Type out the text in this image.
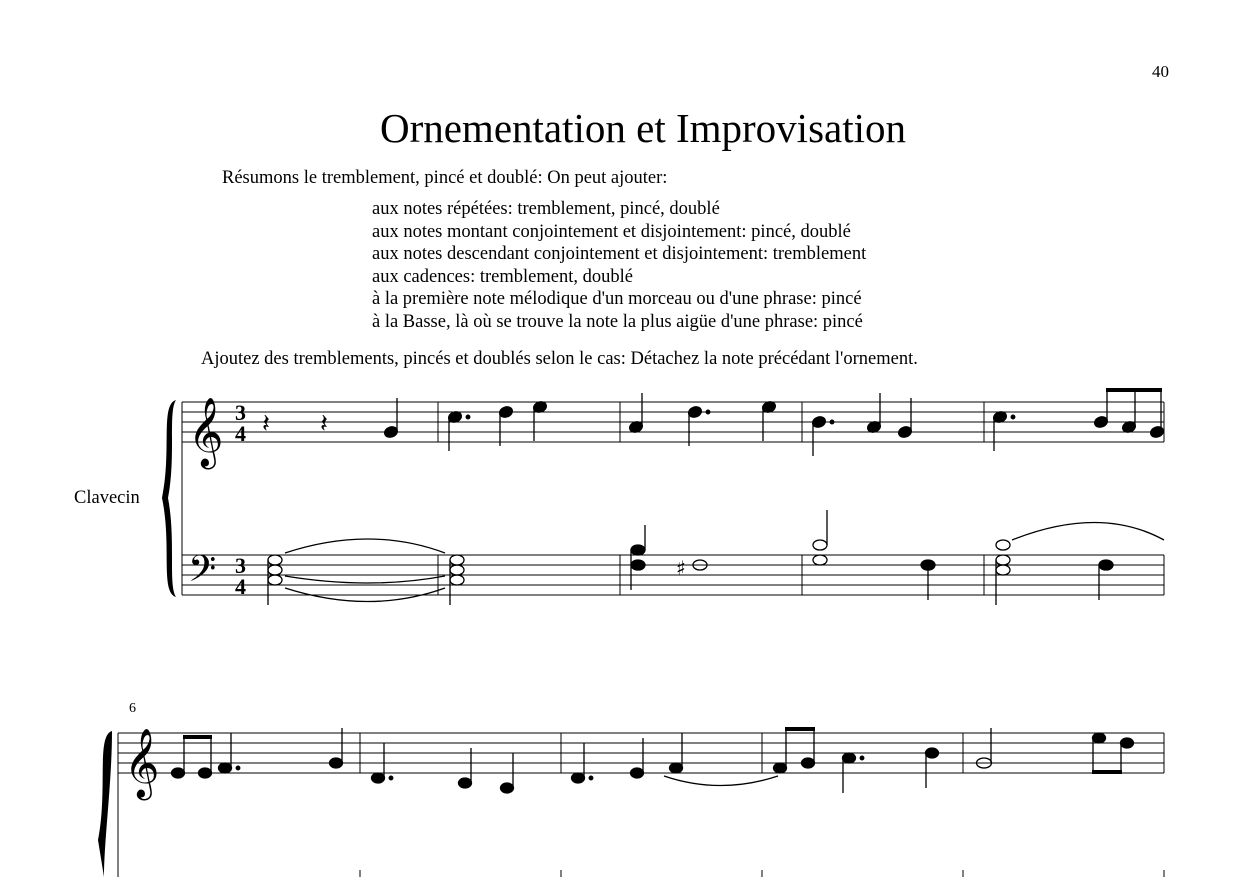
40
Ornementation et Improvisation
Résumons le tremblement, pincé et doublé: On peut ajouter:
aux notes répétées: tremblement, pincé, doublé
aux notes montant conjointement et disjointement: pincé, doublé
aux notes descendant conjointement et disjointement: tremblement
aux cadences: tremblement, doublé
à la première note mélodique d'un morceau ou d'une phrase: pincé
à la Basse, là où se trouve la note la plus aigüe d'une phrase: pincé
Ajoutez des tremblements, pincés et doublés selon le cas: Détachez la note précédant l'ornement.
Clavecin
6
𝄞
𝄢
𝄞
3
4
3
4
𝄽 𝄽
♯
